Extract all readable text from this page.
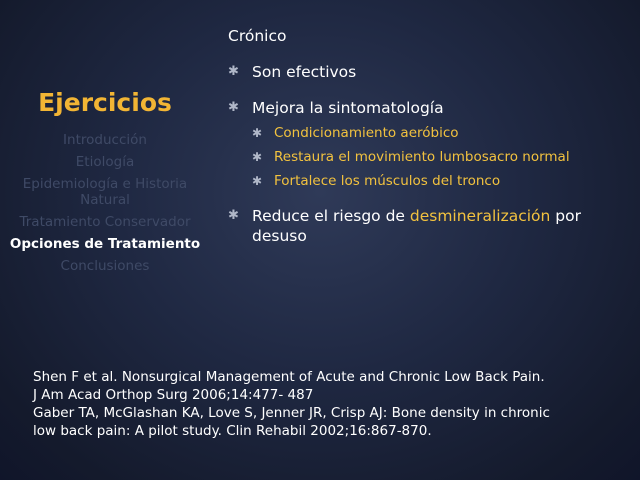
Ejercicios
Introducción
Etiología
Epidemiología e Historia Natural
Tratamiento Conservador
Opciones de Tratamiento
Conclusiones
Crónico
✱ Son efectivos
✱ Mejora la sintomatología
✱ Condicionamiento aeróbico
✱ Restaura el movimiento lumbosacro normal
✱ Fortalece los músculos del tronco
✱ Reduce el riesgo de desmineralización por desuso

Shen F et al. Nonsurgical Management of Acute and Chronic Low Back Pain.

J Am Acad Orthop Surg 2006;14:477- 487

Gaber TA, McGlashan KA, Love S, Jenner JR, Crisp AJ: Bone density in chronic

low back pain: A pilot study. Clin Rehabil 2002;16:867-870.
